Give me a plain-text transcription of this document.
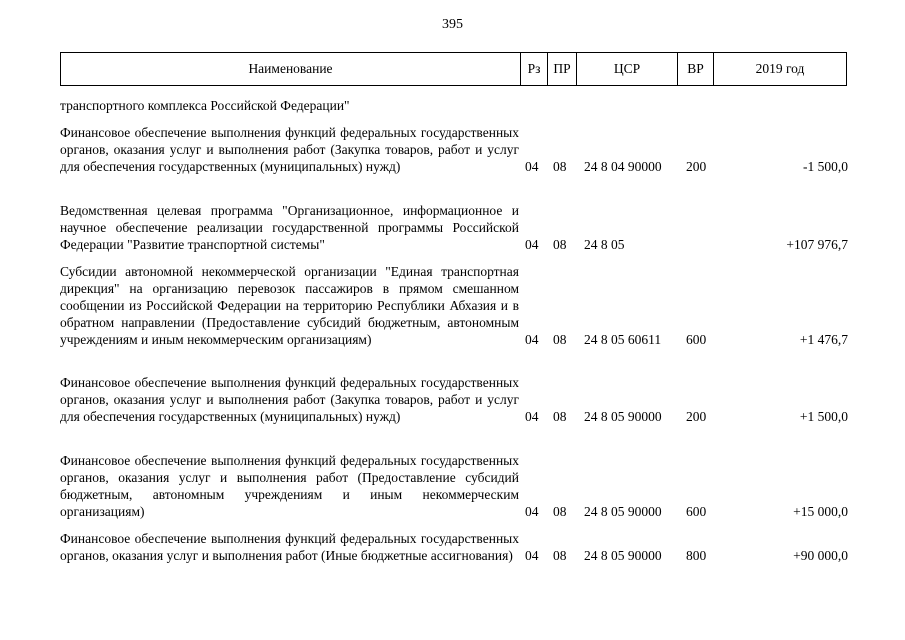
395
Наименование	Рз ПР	ЦСР	ВР	2019 год
транспортного комплекса Российской Федерации"
Финансовое обеспечение выполнения функций федеральных государственных органов, оказания услуг и выполнения работ (Закупка товаров, работ и услуг для обеспечения государственных (муниципальных) нужд)	04 08 24 8 04 90000 200	-1 500,0
Ведомственная целевая программа "Организационное, информационное и научное обеспечение реализации государственной программы Российской Федерации "Развитие транспортной системы"	04 08 24 8 05	+107 976,7
Субсидии автономной некоммерческой организации "Единая транспортная дирекция" на организацию перевозок пассажиров в прямом смешанном сообщении из Российской Федерации на территорию Республики Абхазия и в обратном направлении (Предоставление субсидий бюджетным, автономным учреждениям и иным некоммерческим организациям)	04 08 24 8 05 60611 600	+1 476,7
Финансовое обеспечение выполнения функций федеральных государственных органов, оказания услуг и выполнения работ (Закупка товаров, работ и услуг для обеспечения государственных (муниципальных) нужд)	04 08 24 8 05 90000 200	+1 500,0
Финансовое обеспечение выполнения функций федеральных государственных органов, оказания услуг и выполнения работ (Предоставление субсидий бюджетным, автономным учреждениям и иным некоммерческим организациям)	04 08 24 8 05 90000 600	+15 000,0
Финансовое обеспечение выполнения функций федеральных государственных органов, оказания услуг и выполнения работ (Иные бюджетные ассигнования) 04 08 24 8 05 90000 800	+90 000,0
